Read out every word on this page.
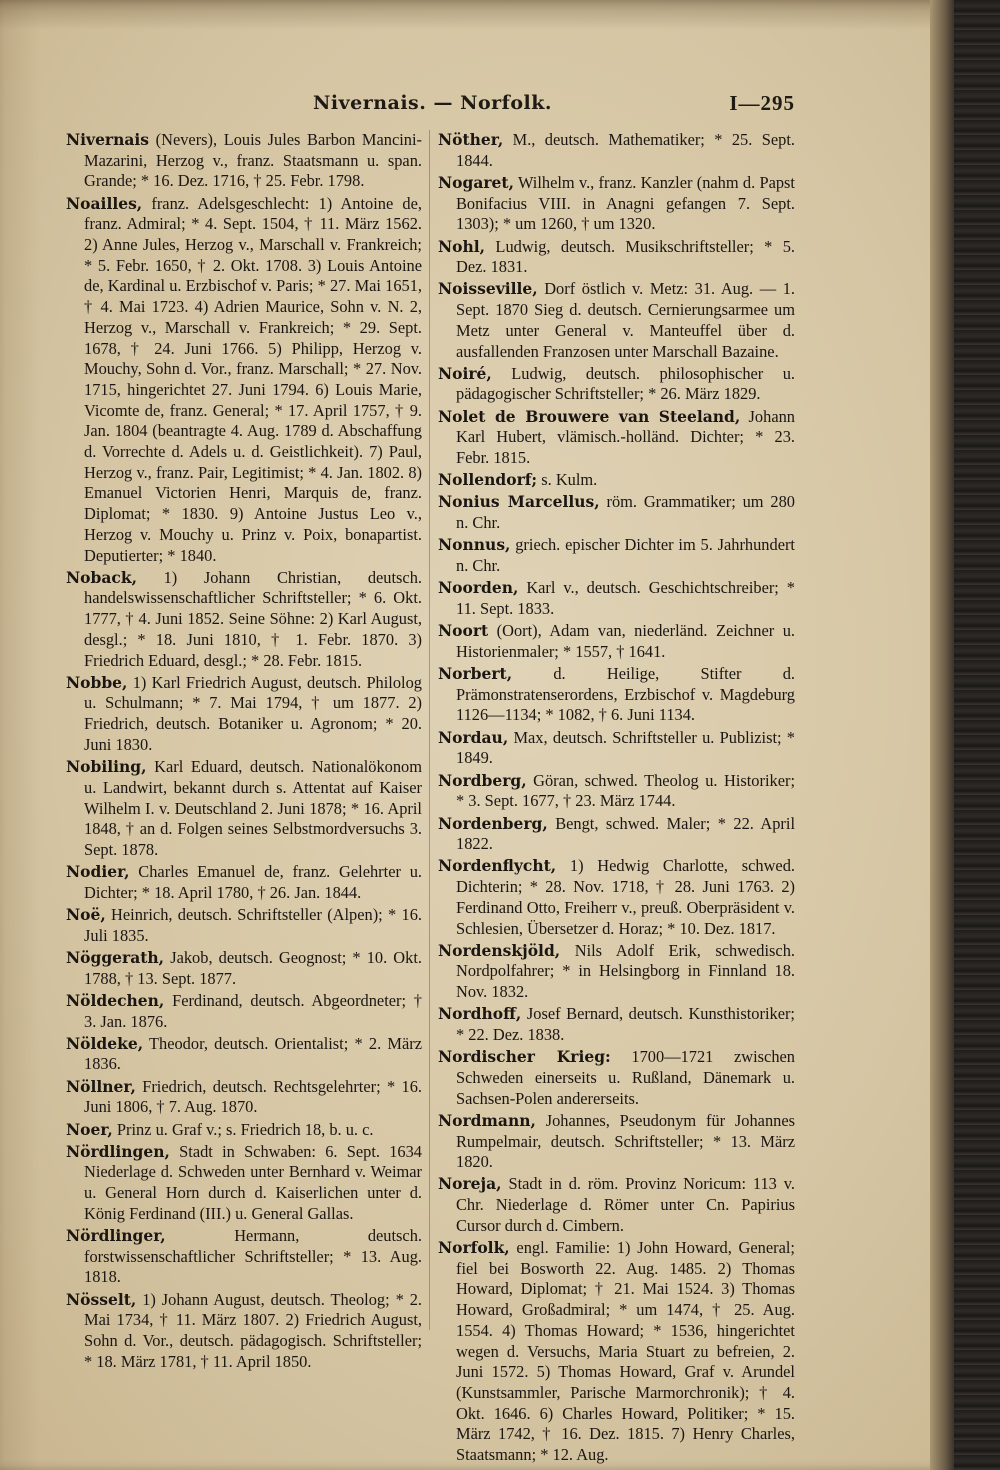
Nivernais. — Norfolk.	I—295

Nivernais (Nevers), Louis Jules Barbon Mancini-Mazarini, Herzog v., franz. Staatsmann u. span. Grande; * 16. Dez. 1716, † 25. Febr. 1798.

Noailles, franz. Adelsgeschlecht: 1) Antoine de, franz. Admiral; * 4. Sept. 1504, † 11. März 1562. 2) Anne Jules, Herzog v., Marschall v. Frankreich; * 5. Febr. 1650, † 2. Okt. 1708. 3) Louis Antoine de, Kardinal u. Erzbischof v. Paris; * 27. Mai 1651, † 4. Mai 1723. 4) Adrien Maurice, Sohn v. N. 2, Herzog v., Marschall v. Frankreich; * 29. Sept. 1678, † 24. Juni 1766. 5) Philipp, Herzog v. Mouchy, Sohn d. Vor., franz. Marschall; * 27. Nov. 1715, hingerichtet 27. Juni 1794. 6) Louis Marie, Vicomte de, franz. General; * 17. April 1757, † 9. Jan. 1804 (beantragte 4. Aug. 1789 d. Abschaffung d. Vorrechte d. Adels u. d. Geistlichkeit). 7) Paul, Herzog v., franz. Pair, Legitimist; * 4. Jan. 1802. 8) Emanuel Victorien Henri, Marquis de, franz. Diplomat; * 1830. 9) Antoine Justus Leo v., Herzog v. Mouchy u. Prinz v. Poix, bonapartist. Deputierter; * 1840.

Noback, 1) Johann Christian, deutsch. handelswissenschaftlicher Schriftsteller; * 6. Okt. 1777, † 4. Juni 1852. Seine Söhne: 2) Karl August, desgl.; * 18. Juni 1810, † 1. Febr. 1870. 3) Friedrich Eduard, desgl.; * 28. Febr. 1815.

Nobbe, 1) Karl Friedrich August, deutsch. Philolog u. Schulmann; * 7. Mai 1794, † um 1877. 2) Friedrich, deutsch. Botaniker u. Agronom; * 20. Juni 1830.

Nobiling, Karl Eduard, deutsch. Nationalökonom u. Landwirt, bekannt durch s. Attentat auf Kaiser Wilhelm I. v. Deutschland 2. Juni 1878; * 16. April 1848, † an d. Folgen seines Selbstmordversuchs 3. Sept. 1878.

Nodier, Charles Emanuel de, franz. Gelehrter u. Dichter; * 18. April 1780, † 26. Jan. 1844.

Noë, Heinrich, deutsch. Schriftsteller (Alpen); * 16. Juli 1835.

Nöggerath, Jakob, deutsch. Geognost; * 10. Okt. 1788, † 13. Sept. 1877.

Nöldechen, Ferdinand, deutsch. Abgeordneter; † 3. Jan. 1876.

Nöldeke, Theodor, deutsch. Orientalist; * 2. März 1836.

Nöllner, Friedrich, deutsch. Rechtsgelehrter; * 16. Juni 1806, † 7. Aug. 1870.

Noer, Prinz u. Graf v.; s. Friedrich 18, b. u. c.

Nördlingen, Stadt in Schwaben: 6. Sept. 1634 Niederlage d. Schweden unter Bernhard v. Weimar u. General Horn durch d. Kaiserlichen unter d. König Ferdinand (III.) u. General Gallas.

Nördlinger, Hermann, deutsch. forstwissenschaftlicher Schriftsteller; * 13. Aug. 1818.

Nösselt, 1) Johann August, deutsch. Theolog; * 2. Mai 1734, † 11. März 1807. 2) Friedrich August, Sohn d. Vor., deutsch. pädagogisch. Schriftsteller; * 18. März 1781, † 11. April 1850.

Nöther, M., deutsch. Mathematiker; * 25. Sept. 1844.

Nogaret, Wilhelm v., franz. Kanzler (nahm d. Papst Bonifacius VIII. in Anagni gefangen 7. Sept. 1303); * um 1260, † um 1320.

Nohl, Ludwig, deutsch. Musikschriftsteller; * 5. Dez. 1831.

Noisseville, Dorf östlich v. Metz: 31. Aug. — 1. Sept. 1870 Sieg d. deutsch. Cernierungsarmee um Metz unter General v. Manteuffel über d. ausfallenden Franzosen unter Marschall Bazaine.

Noiré, Ludwig, deutsch. philosophischer u. pädagogischer Schriftsteller; * 26. März 1829.

Nolet de Brouwere van Steeland, Johann Karl Hubert, vlämisch.-holländ. Dichter; * 23. Febr. 1815.

Nollendorf; s. Kulm.

Nonius Marcellus, röm. Grammatiker; um 280 n. Chr.

Nonnus, griech. epischer Dichter im 5. Jahrhundert n. Chr.

Noorden, Karl v., deutsch. Geschichtschreiber; * 11. Sept. 1833.

Noort (Oort), Adam van, niederländ. Zeichner u. Historienmaler; * 1557, † 1641.

Norbert, d. Heilige, Stifter d. Prämonstratenserordens, Erzbischof v. Magdeburg 1126—1134; * 1082, † 6. Juni 1134.

Nordau, Max, deutsch. Schriftsteller u. Publizist; * 1849.

Nordberg, Göran, schwed. Theolog u. Historiker; * 3. Sept. 1677, † 23. März 1744.

Nordenberg, Bengt, schwed. Maler; * 22. April 1822.

Nordenflycht, 1) Hedwig Charlotte, schwed. Dichterin; * 28. Nov. 1718, † 28. Juni 1763. 2) Ferdinand Otto, Freiherr v., preuß. Oberpräsident v. Schlesien, Übersetzer d. Horaz; * 10. Dez. 1817.

Nordenskjöld, Nils Adolf Erik, schwedisch. Nordpolfahrer; * in Helsingborg in Finnland 18. Nov. 1832.

Nordhoff, Josef Bernard, deutsch. Kunsthistoriker; * 22. Dez. 1838.

Nordischer Krieg: 1700—1721 zwischen Schweden einerseits u. Rußland, Dänemark u. Sachsen-Polen andererseits.

Nordmann, Johannes, Pseudonym für Johannes Rumpelmair, deutsch. Schriftsteller; * 13. März 1820.

Noreja, Stadt in d. röm. Provinz Noricum: 113 v. Chr. Niederlage d. Römer unter Cn. Papirius Cursor durch d. Cimbern.

Norfolk, engl. Familie: 1) John Howard, General; fiel bei Bosworth 22. Aug. 1485. 2) Thomas Howard, Diplomat; † 21. Mai 1524. 3) Thomas Howard, Großadmiral; * um 1474, † 25. Aug. 1554. 4) Thomas Howard; * 1536, hingerichtet wegen d. Versuchs, Maria Stuart zu befreien, 2. Juni 1572. 5) Thomas Howard, Graf v. Arundel (Kunstsammler, Parische Marmorchronik); † 4. Okt. 1646. 6) Charles Howard, Politiker; * 15. März 1742, † 16. Dez. 1815. 7) Henry Charles, Staatsmann; * 12. Aug.
